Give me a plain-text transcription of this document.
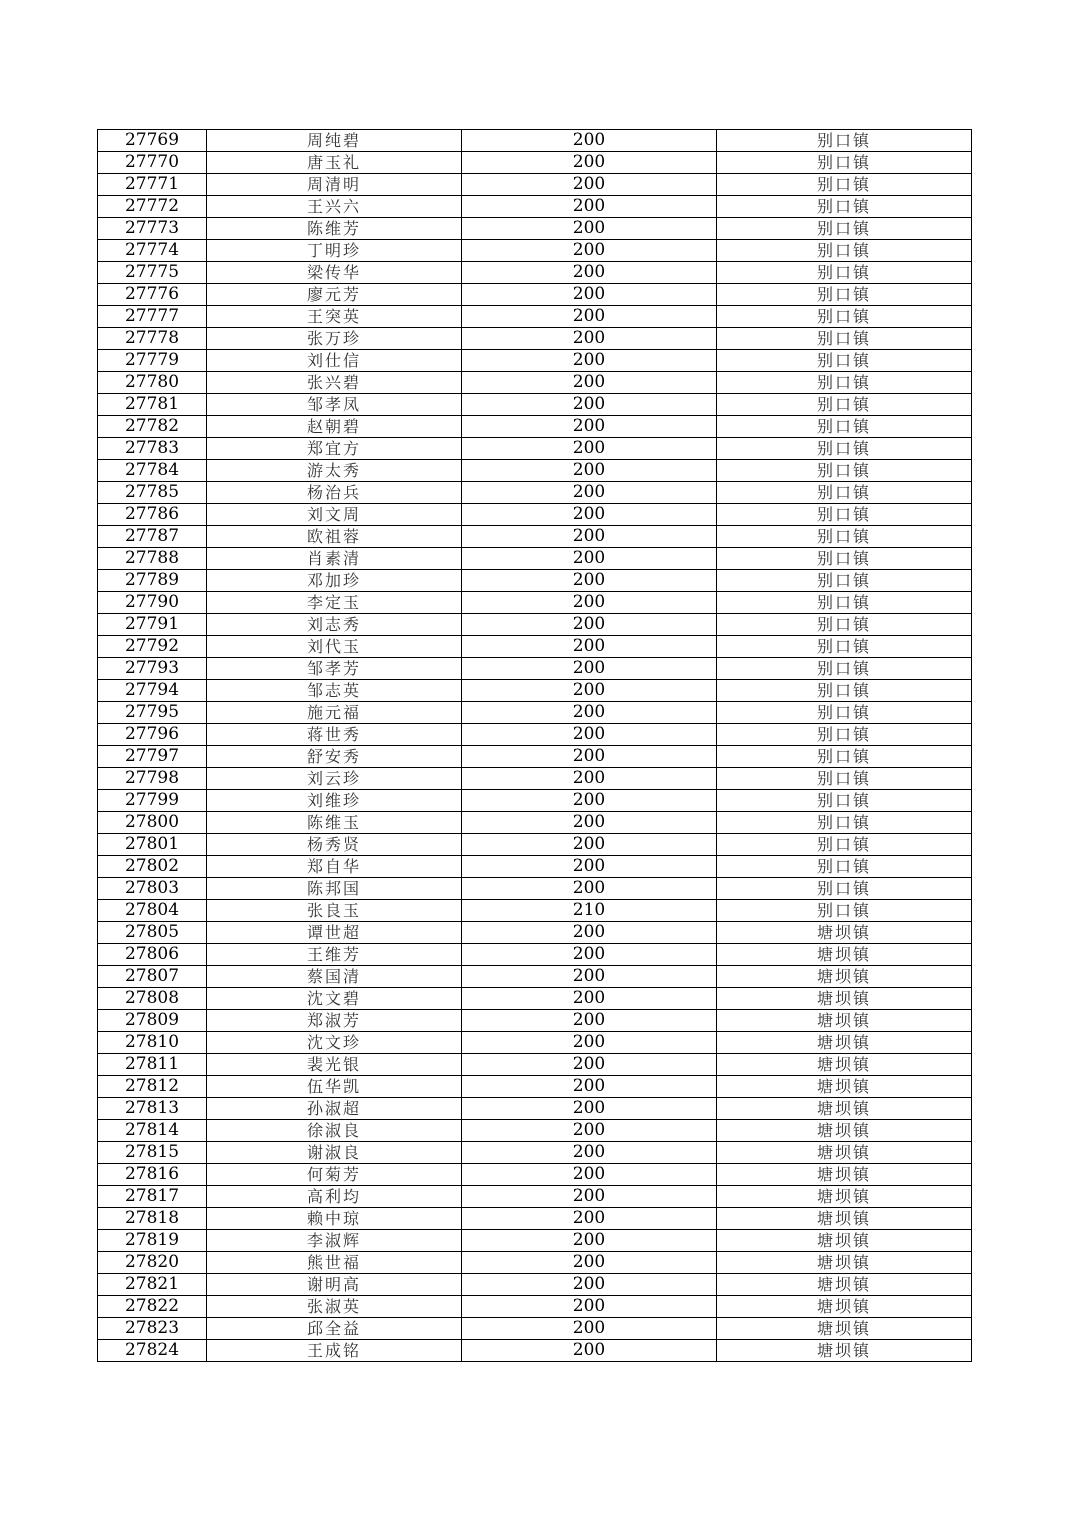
27769	周纯碧	200	别口镇
27770	唐玉礼	200	别口镇
27771	周清明	200	别口镇
27772	王兴六	200	别口镇
27773	陈维芳	200	别口镇
27774	丁明珍	200	别口镇
27775	梁传华	200	别口镇
27776	廖元芳	200	别口镇
27777	王突英	200	别口镇
27778	张万珍	200	别口镇
27779	刘仕信	200	别口镇
27780	张兴碧	200	别口镇
27781	邹孝凤	200	别口镇
27782	赵朝碧	200	别口镇
27783	郑宜方	200	别口镇
27784	游太秀	200	别口镇
27785	杨治兵	200	别口镇
27786	刘文周	200	别口镇
27787	欧祖蓉	200	别口镇
27788	肖素清	200	别口镇
27789	邓加珍	200	别口镇
27790	李定玉	200	别口镇
27791	刘志秀	200	别口镇
27792	刘代玉	200	别口镇
27793	邹孝芳	200	别口镇
27794	邹志英	200	别口镇
27795	施元福	200	别口镇
27796	蒋世秀	200	别口镇
27797	舒安秀	200	别口镇
27798	刘云珍	200	别口镇
27799	刘维珍	200	别口镇
27800	陈维玉	200	别口镇
27801	杨秀贤	200	别口镇
27802	郑自华	200	别口镇
27803	陈邦国	200	别口镇
27804	张良玉	210	别口镇
27805	谭世超	200	塘坝镇
27806	王维芳	200	塘坝镇
27807	蔡国清	200	塘坝镇
27808	沈文碧	200	塘坝镇
27809	郑淑芳	200	塘坝镇
27810	沈文珍	200	塘坝镇
27811	裴光银	200	塘坝镇
27812	伍华凯	200	塘坝镇
27813	孙淑超	200	塘坝镇
27814	徐淑良	200	塘坝镇
27815	谢淑良	200	塘坝镇
27816	何菊芳	200	塘坝镇
27817	高利均	200	塘坝镇
27818	赖中琼	200	塘坝镇
27819	李淑辉	200	塘坝镇
27820	熊世福	200	塘坝镇
27821	谢明高	200	塘坝镇
27822	张淑英	200	塘坝镇
27823	邱全益	200	塘坝镇
27824	王成铭	200	塘坝镇
